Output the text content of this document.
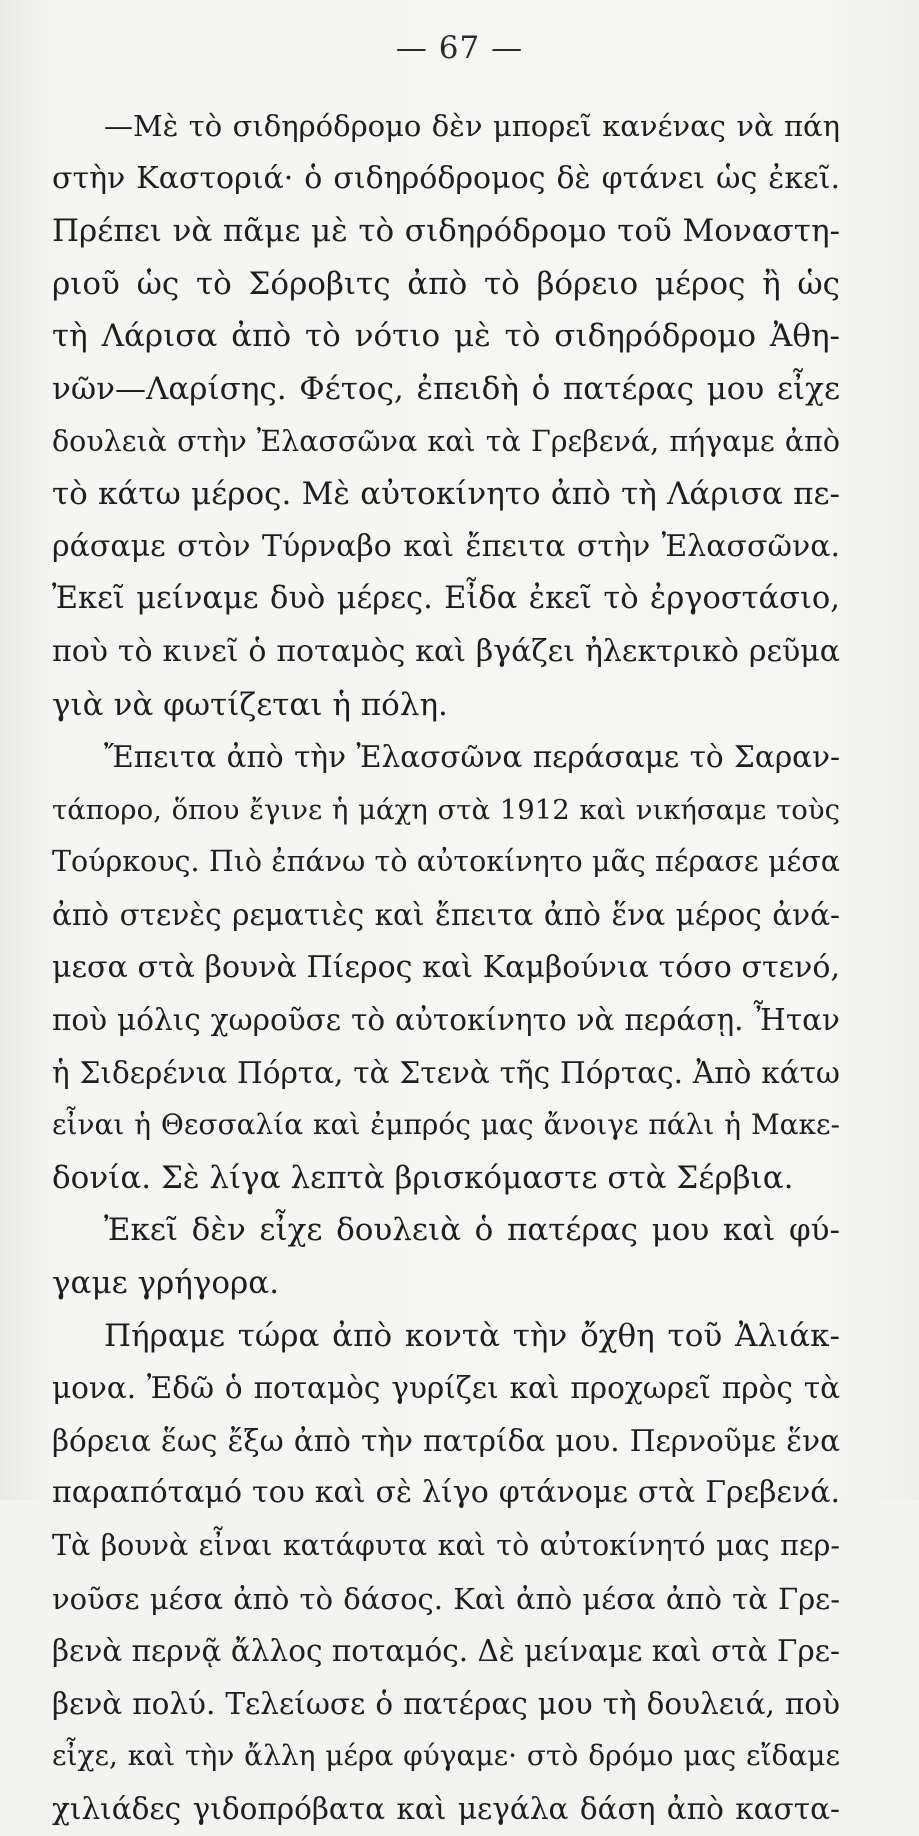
— 67 —
—Μὲ τὸ σιδηρόδρομο δὲν μπορεῖ κανένας νὰ πάη
στὴν Καστοριά· ὁ σιδηρόδρομος δὲ φτάνει ὡς ἐκεῖ.
Πρέπει νὰ πᾶμε μὲ τὸ σιδηρόδρομο τοῦ Μοναστη-
ριοῦ ὡς τὸ Σόροβιτς ἀπὸ τὸ βόρειο μέρος ἢ ὡς
τὴ Λάρισα ἀπὸ τὸ νότιο μὲ τὸ σιδηρόδρομο Ἀθη-
νῶν—Λαρίσης. Φέτος, ἐπειδὴ ὁ πατέρας μου εἶχε
δουλειὰ στὴν Ἐλασσῶνα καὶ τὰ Γρεβενά, πήγαμε ἀπὸ
τὸ κάτω μέρος. Μὲ αὐτοκίνητο ἀπὸ τὴ Λάρισα πε-
ράσαμε στὸν Τύρναβο καὶ ἔπειτα στὴν Ἐλασσῶνα.
Ἐκεῖ μείναμε δυὸ μέρες. Εἶδα ἐκεῖ τὸ ἐργοστάσιο,
ποὺ τὸ κινεῖ ὁ ποταμὸς καὶ βγάζει ἠλεκτρικὸ ρεῦμα
γιὰ νὰ φωτίζεται ἡ πόλη.
Ἔπειτα ἀπὸ τὴν Ἐλασσῶνα περάσαμε τὸ Σαραν-
τάπορο, ὅπου ἔγινε ἡ μάχη στὰ 1912 καὶ νικήσαμε τοὺς
Τούρκους. Πιὸ ἐπάνω τὸ αὐτοκίνητο μᾶς πέρασε μέσα
ἀπὸ στενὲς ρεματιὲς καὶ ἔπειτα ἀπὸ ἕνα μέρος ἀνά-
μεσα στὰ βουνὰ Πίερος καὶ Καμβούνια τόσο στενό,
ποὺ μόλις χωροῦσε τὸ αὐτοκίνητο νὰ περάσῃ. Ἦταν
ἡ Σιδερένια Πόρτα, τὰ Στενὰ τῆς Πόρτας. Ἀπὸ κάτω
εἶναι ἡ Θεσσαλία καὶ ἐμπρός μας ἄνοιγε πάλι ἡ Μακε-
δονία. Σὲ λίγα λεπτὰ βρισκόμαστε στὰ Σέρβια.
Ἐκεῖ δὲν εἶχε δουλειὰ ὁ πατέρας μου καὶ φύ-
γαμε γρήγορα.
Πήραμε τώρα ἀπὸ κοντὰ τὴν ὄχθη τοῦ Ἀλιάκ-
μονα. Ἐδῶ ὁ ποταμὸς γυρίζει καὶ προχωρεῖ πρὸς τὰ
βόρεια ἕως ἔξω ἀπὸ τὴν πατρίδα μου. Περνοῦμε ἕνα
παραπόταμό του καὶ σὲ λίγο φτάνομε στὰ Γρεβενά.
Τὰ βουνὰ εἶναι κατάφυτα καὶ τὸ αὐτοκίνητό μας περ-
νοῦσε μέσα ἀπὸ τὸ δάσος. Καὶ ἀπὸ μέσα ἀπὸ τὰ Γρε-
βενὰ περνᾷ ἄλλος ποταμός. Δὲ μείναμε καὶ στὰ Γρε-
βενὰ πολύ. Τελείωσε ὁ πατέρας μου τὴ δουλειά, ποὺ
εἶχε, καὶ τὴν ἄλλη μέρα φύγαμε· στὸ δρόμο μας εἴδαμε
χιλιάδες γιδοπρόβατα καὶ μεγάλα δάση ἀπὸ καστα-
